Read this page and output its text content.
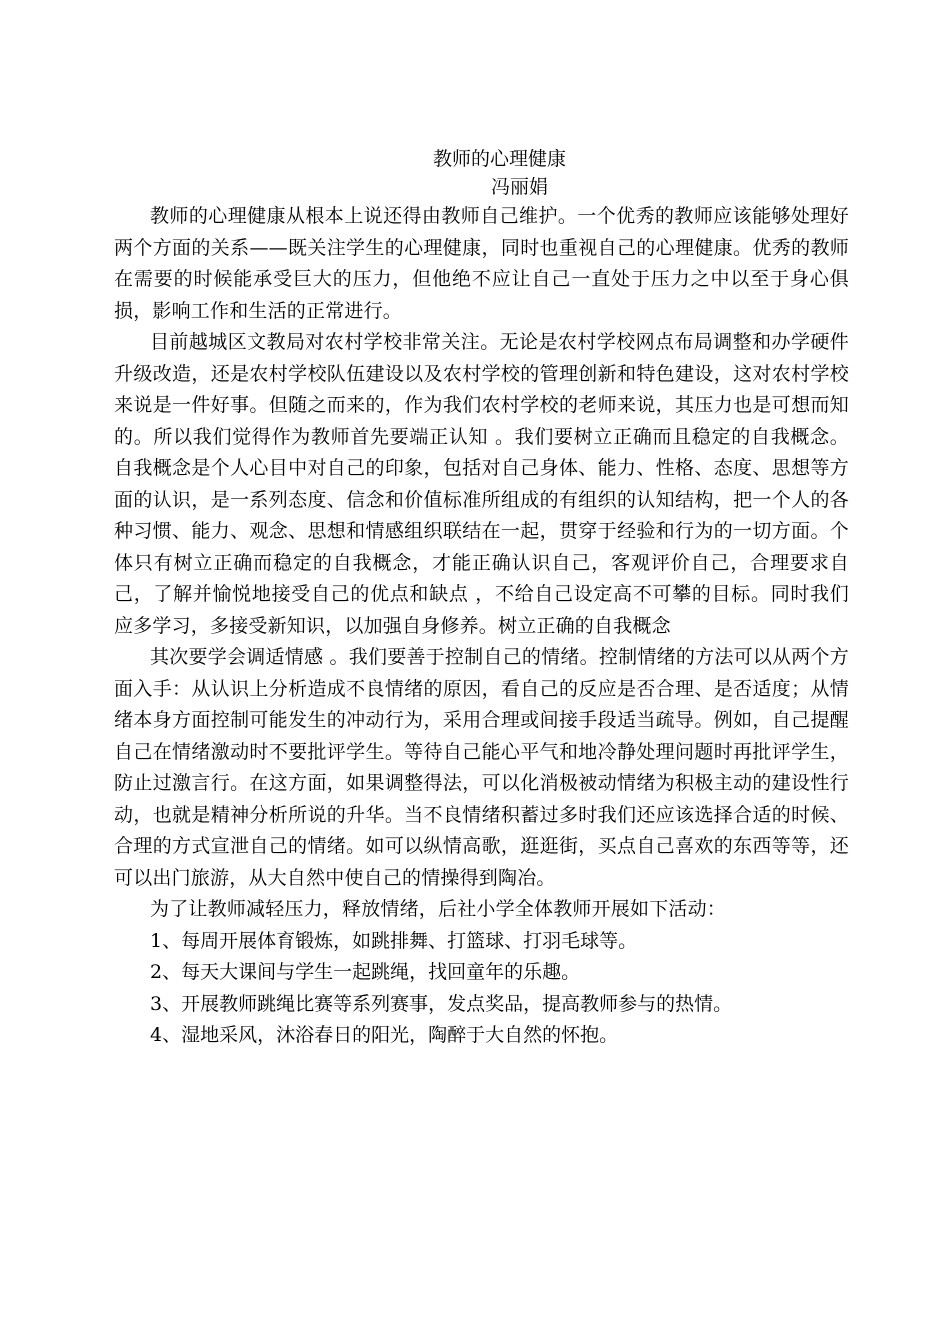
教师的心理健康
冯丽娟

教师的心理健康从根本上说还得由教师自己维护。一个优秀的教师应该能够处理好两个方面的关系——既关注学生的心理健康，同时也重视自己的心理健康。优秀的教师在需要的时候能承受巨大的压力，但他绝不应让自己一直处于压力之中以至于身心俱损，影响工作和生活的正常进行。

目前越城区文教局对农村学校非常关注。无论是农村学校网点布局调整和办学硬件升级改造，还是农村学校队伍建设以及农村学校的管理创新和特色建设，这对农村学校来说是一件好事。但随之而来的，作为我们农村学校的老师来说，其压力也是可想而知的。所以我们觉得作为教师首先要端正认知 。我们要树立正确而且稳定的自我概念。自我概念是个人心目中对自己的印象，包括对自己身体、能力、性格、态度、思想等方面的认识，是一系列态度、信念和价值标准所组成的有组织的认知结构，把一个人的各种习惯、能力、观念、思想和情感组织联结在一起，贯穿于经验和行为的一切方面。个体只有树立正确而稳定的自我概念，才能正确认识自己，客观评价自己，合理要求自己，了解并愉悦地接受自己的优点和缺点 ，不给自己设定高不可攀的目标。同时我们应多学习，多接受新知识，以加强自身修养。树立正确的自我概念

其次要学会调适情感 。我们要善于控制自己的情绪。控制情绪的方法可以从两个方面入手：从认识上分析造成不良情绪的原因，看自己的反应是否合理、是否适度；从情绪本身方面控制可能发生的冲动行为，采用合理或间接手段适当疏导。例如，自己提醒自己在情绪激动时不要批评学生。等待自己能心平气和地冷静处理问题时再批评学生，防止过激言行。在这方面，如果调整得法，可以化消极被动情绪为积极主动的建设性行动，也就是精神分析所说的升华。当不良情绪积蓄过多时我们还应该选择合适的时候、合理的方式宣泄自己的情绪。如可以纵情高歌，逛逛街，买点自己喜欢的东西等等，还可以出门旅游，从大自然中使自己的情操得到陶冶。

为了让教师减轻压力，释放情绪，后社小学全体教师开展如下活动：

1、每周开展体育锻炼，如跳排舞、打篮球、打羽毛球等。
2、每天大课间与学生一起跳绳，找回童年的乐趣。
3、开展教师跳绳比赛等系列赛事，发点奖品，提高教师参与的热情。
4、湿地采风，沐浴春日的阳光，陶醉于大自然的怀抱。
